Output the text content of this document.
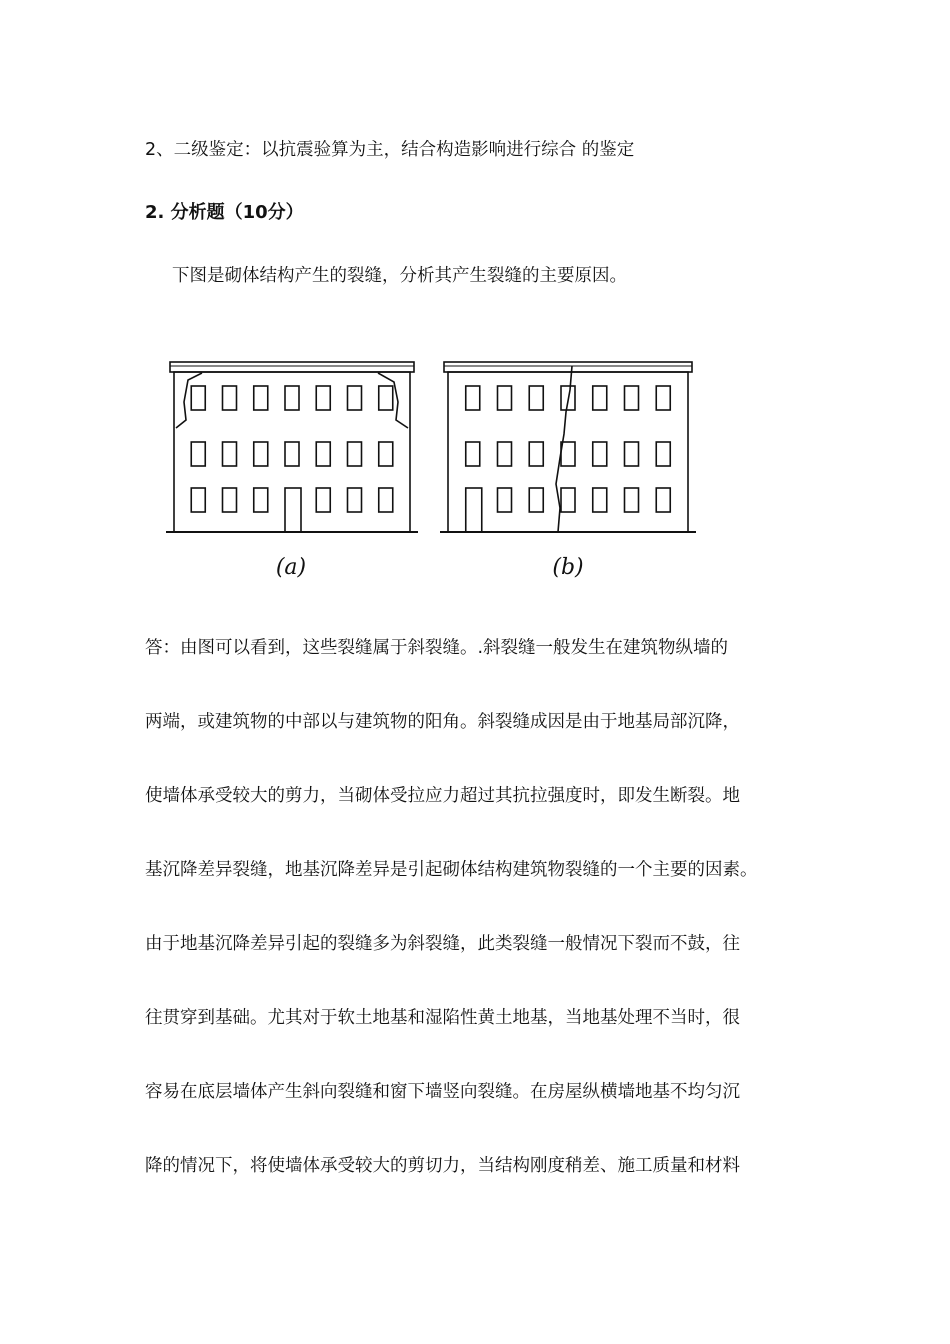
2、二级鉴定：以抗震验算为主，结合构造影响进行综合 的鉴定
2. 分析题（10分）
下图是砌体结构产生的裂缝，分析其产生裂缝的主要原因。
(a)	(b)
答：由图可以看到，这些裂缝属于斜裂缝。.斜裂缝一般发生在建筑物纵墙的
两端，或建筑物的中部以与建筑物的阳角。斜裂缝成因是由于地基局部沉降，
使墙体承受较大的剪力，当砌体受拉应力超过其抗拉强度时，即发生断裂。地
基沉降差异裂缝，地基沉降差异是引起砌体结构建筑物裂缝的一个主要的因素。
由于地基沉降差异引起的裂缝多为斜裂缝，此类裂缝一般情况下裂而不鼓，往
往贯穿到基础。尤其对于软土地基和湿陷性黄土地基，当地基处理不当时，很
容易在底层墙体产生斜向裂缝和窗下墙竖向裂缝。在房屋纵横墙地基不均匀沉
降的情况下，将使墙体承受较大的剪切力，当结构刚度稍差、施工质量和材料
